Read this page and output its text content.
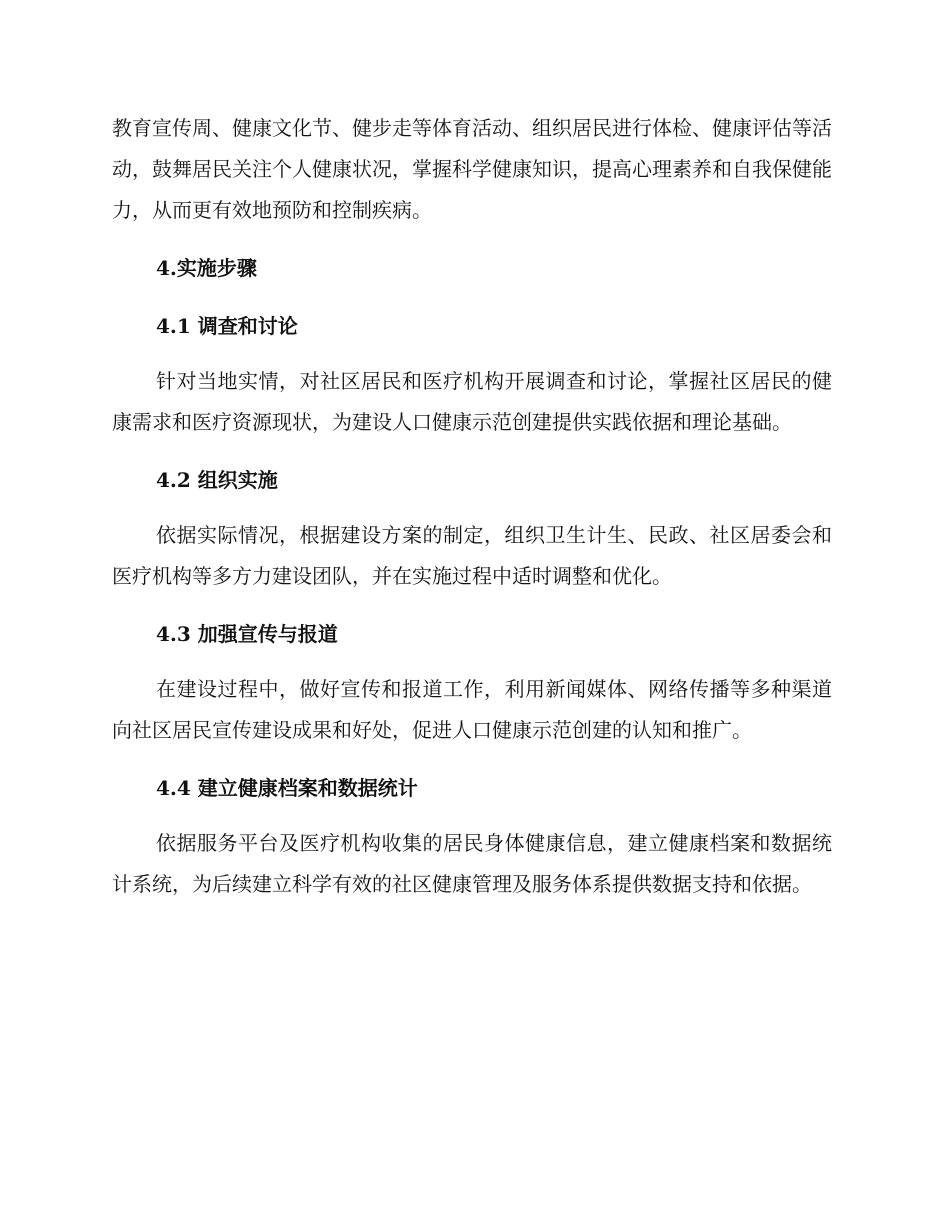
教育宣传周、健康文化节、健步走等体育活动、组织居民进行体检、健康评估等活动，鼓舞居民关注个人健康状况，掌握科学健康知识，提高心理素养和自我保健能力，从而更有效地预防和控制疾病。

4.实施步骤

4.1 调查和讨论

针对当地实情，对社区居民和医疗机构开展调查和讨论，掌握社区居民的健康需求和医疗资源现状，为建设人口健康示范创建提供实践依据和理论基础。

4.2 组织实施

依据实际情况，根据建设方案的制定，组织卫生计生、民政、社区居委会和医疗机构等多方力建设团队，并在实施过程中适时调整和优化。

4.3 加强宣传与报道

在建设过程中，做好宣传和报道工作，利用新闻媒体、网络传播等多种渠道向社区居民宣传建设成果和好处，促进人口健康示范创建的认知和推广。

4.4 建立健康档案和数据统计

依据服务平台及医疗机构收集的居民身体健康信息，建立健康档案和数据统计系统，为后续建立科学有效的社区健康管理及服务体系提供数据支持和依据。
